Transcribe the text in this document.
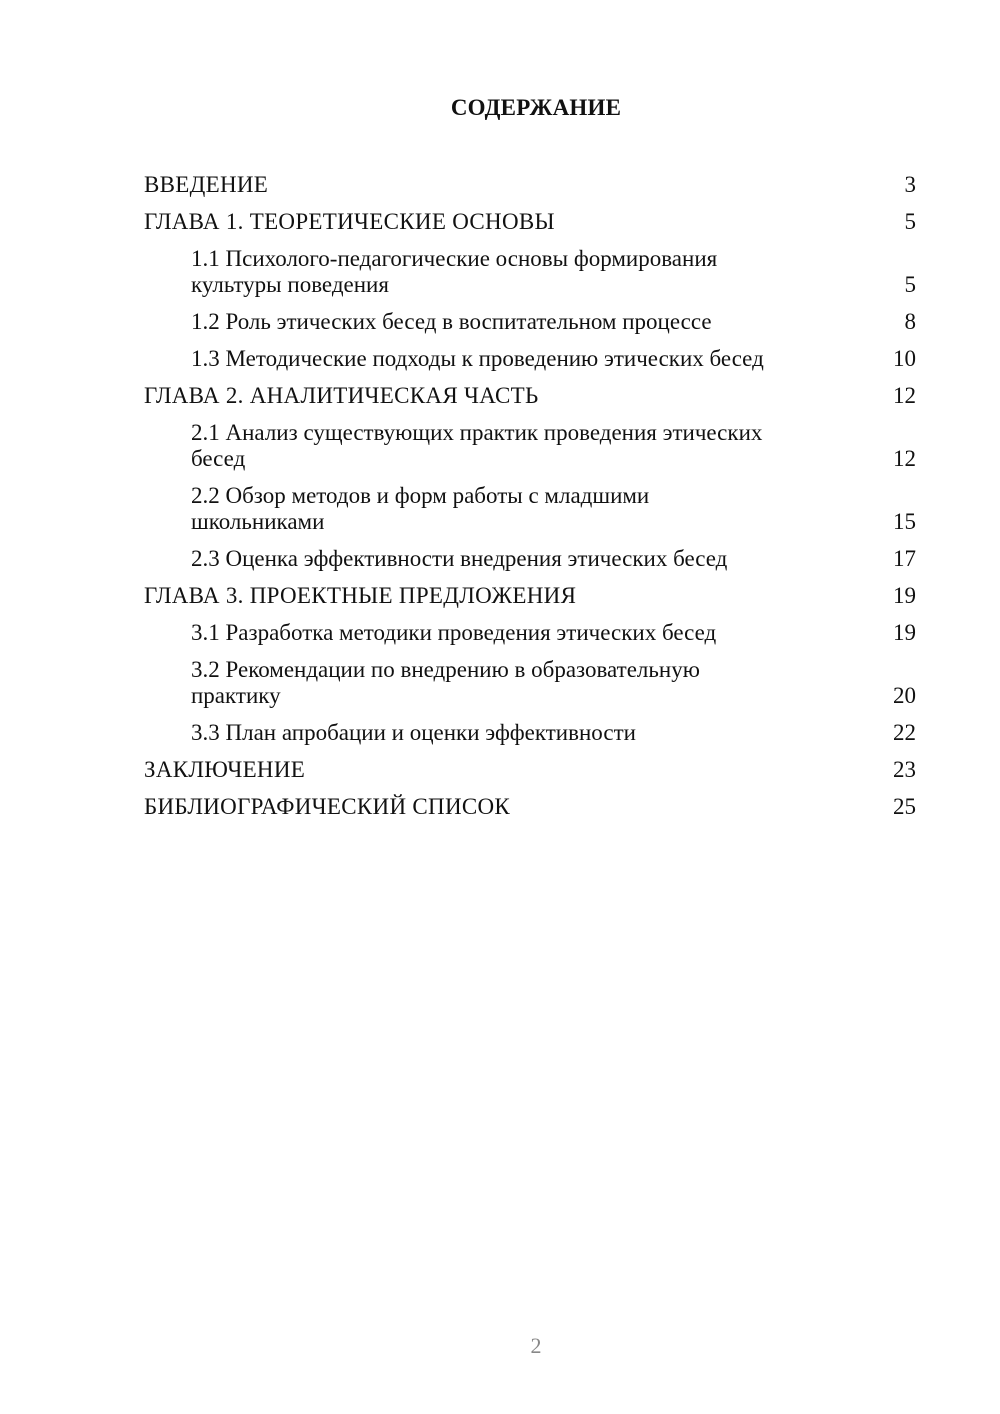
СОДЕРЖАНИЕ
ВВЕДЕНИЕ	3
ГЛАВА 1. ТЕОРЕТИЧЕСКИЕ ОСНОВЫ	5
1.1 Психолого-педагогические основы формирования
культуры поведения	5
1.2 Роль этических бесед в воспитательном процессе	8
1.3 Методические подходы к проведению этических бесед	10
ГЛАВА 2. АНАЛИТИЧЕСКАЯ ЧАСТЬ	12
2.1 Анализ существующих практик проведения этических
бесед	12
2.2 Обзор методов и форм работы с младшими
школьниками	15
2.3 Оценка эффективности внедрения этических бесед	17
ГЛАВА 3. ПРОЕКТНЫЕ ПРЕДЛОЖЕНИЯ	19
3.1 Разработка методики проведения этических бесед	19
3.2 Рекомендации по внедрению в образовательную
практику	20
3.3 План апробации и оценки эффективности	22
ЗАКЛЮЧЕНИЕ	23
БИБЛИОГРАФИЧЕСКИЙ СПИСОК	25
2
